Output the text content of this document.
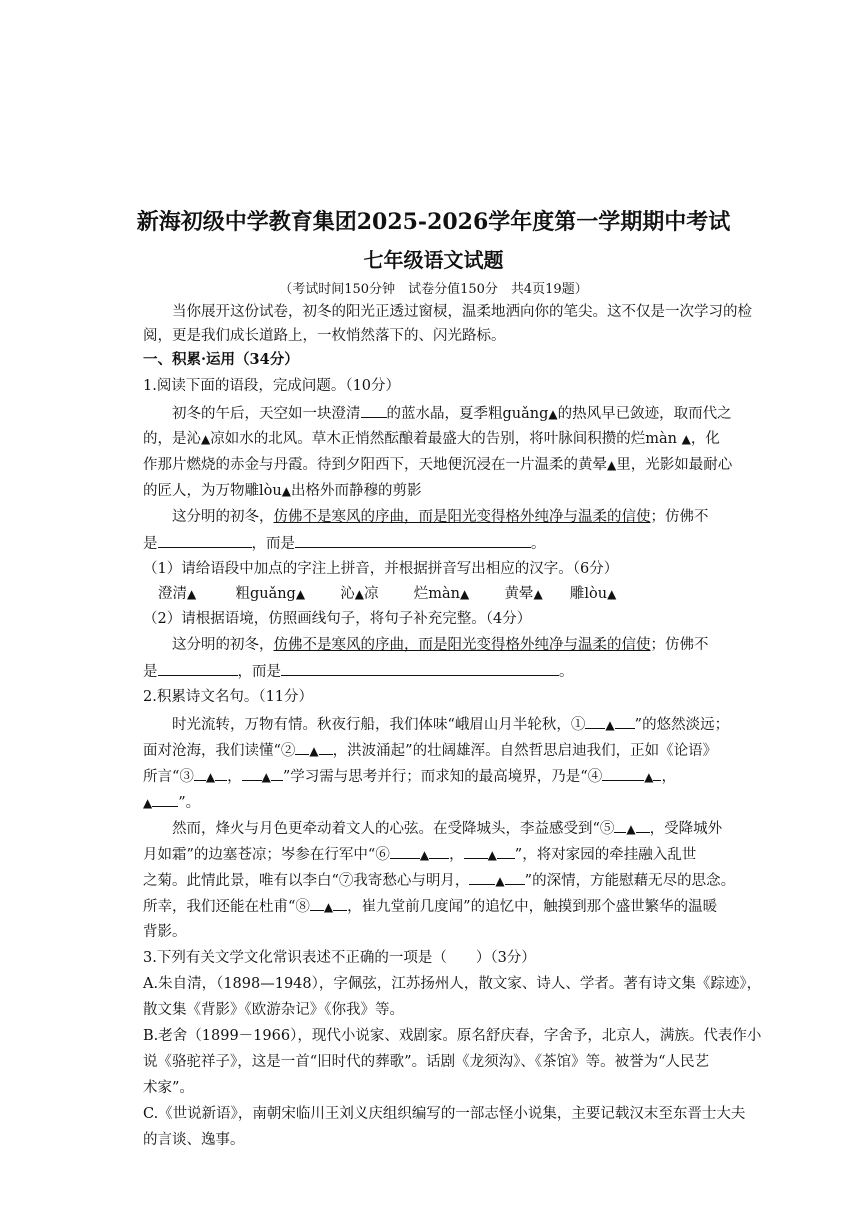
新海初级中学教育集团2025-2026学年度第一学期期中考试
七年级语文试题
（考试时间150分钟　试卷分值150分　共4页19题）
当你展开这份试卷，初冬的阳光正透过窗棂，温柔地洒向你的笔尖。这不仅是一次学习的检
阅，更是我们成长道路上，一枚悄然落下的、闪光路标。
一、积累·运用（34分）
1.阅读下面的语段，完成问题。（10分）
初冬的午后，天空如一块澄清 的蓝水晶，夏季粗guǎng▲的热风早已敛迹，取而代之
的，是沁▲凉如水的北风。草木正悄然酝酿着最盛大的告别，将叶脉间积攒的烂màn ▲，化
作那片燃烧的赤金与丹霞。待到夕阳西下，天地便沉浸在一片温柔的黄晕▲里，光影如最耐心
的匠人，为万物雕lòu▲出格外而静穆的剪影
这分明的初冬，仿佛不是寒风的序曲，而是阳光变得格外纯净与温柔的信使；仿佛不
是	，而是	。
（1）请给语段中加点的字注上拼音，并根据拼音写出相应的汉字。（6分）
澄清▲	粗guǎng▲ 沁▲凉 烂màn▲ 黄晕▲ 雕lòu▲
（2）请根据语境，仿照画线句子，将句子补充完整。（4分）
这分明的初冬，仿佛不是寒风的序曲，而是阳光变得格外纯净与温柔的信使；仿佛不
是	，而是	。
2.积累诗文名句。（11分）
时光流转，万物有情。秋夜行船，我们体味“峨眉山月半轮秋，① ▲ ”的悠然淡远；
面对沧海，我们读懂“② ▲ ，洪波涌起”的壮阔雄浑。自然哲思启迪我们，正如《论语》
所言“③ ▲ ， ▲ ”学习需与思考并行；而求知的最高境界，乃是“④	▲ ，
▲ ”。
然而，烽火与月色更牵动着文人的心弦。在受降城头，李益感受到“⑤ ▲ ，受降城外
月如霜”的边塞苍凉；岑参在行军中“⑥	▲ ， ▲ ”，将对家园的牵挂融入乱世
之菊。此情此景，唯有以李白“⑦我寄愁心与明月， ▲ ”的深情，方能慰藉无尽的思念。
所幸，我们还能在杜甫“⑧ ▲ ，崔九堂前几度闻”的追忆中，触摸到那个盛世繁华的温暖
背影。
3.下列有关文学文化常识表述不正确的一项是（　　）（3分）
A.朱自清，（1898—1948），字佩弦，江苏扬州人，散文家、诗人、学者。著有诗文集《踪迹》，
散文集《背影》《欧游杂记》《你我》等。
B.老舍（1899－1966），现代小说家、戏剧家。原名舒庆春，字舍予，北京人，满族。代表作小
说《骆驼祥子》，这是一首“旧时代的葬歌”。话剧《龙须沟》、《茶馆》等。被誉为“人民艺
术家”。
C.《世说新语》，南朝宋临川王刘义庆组织编写的一部志怪小说集，主要记载汉末至东晋士大夫
的言谈、逸事。
